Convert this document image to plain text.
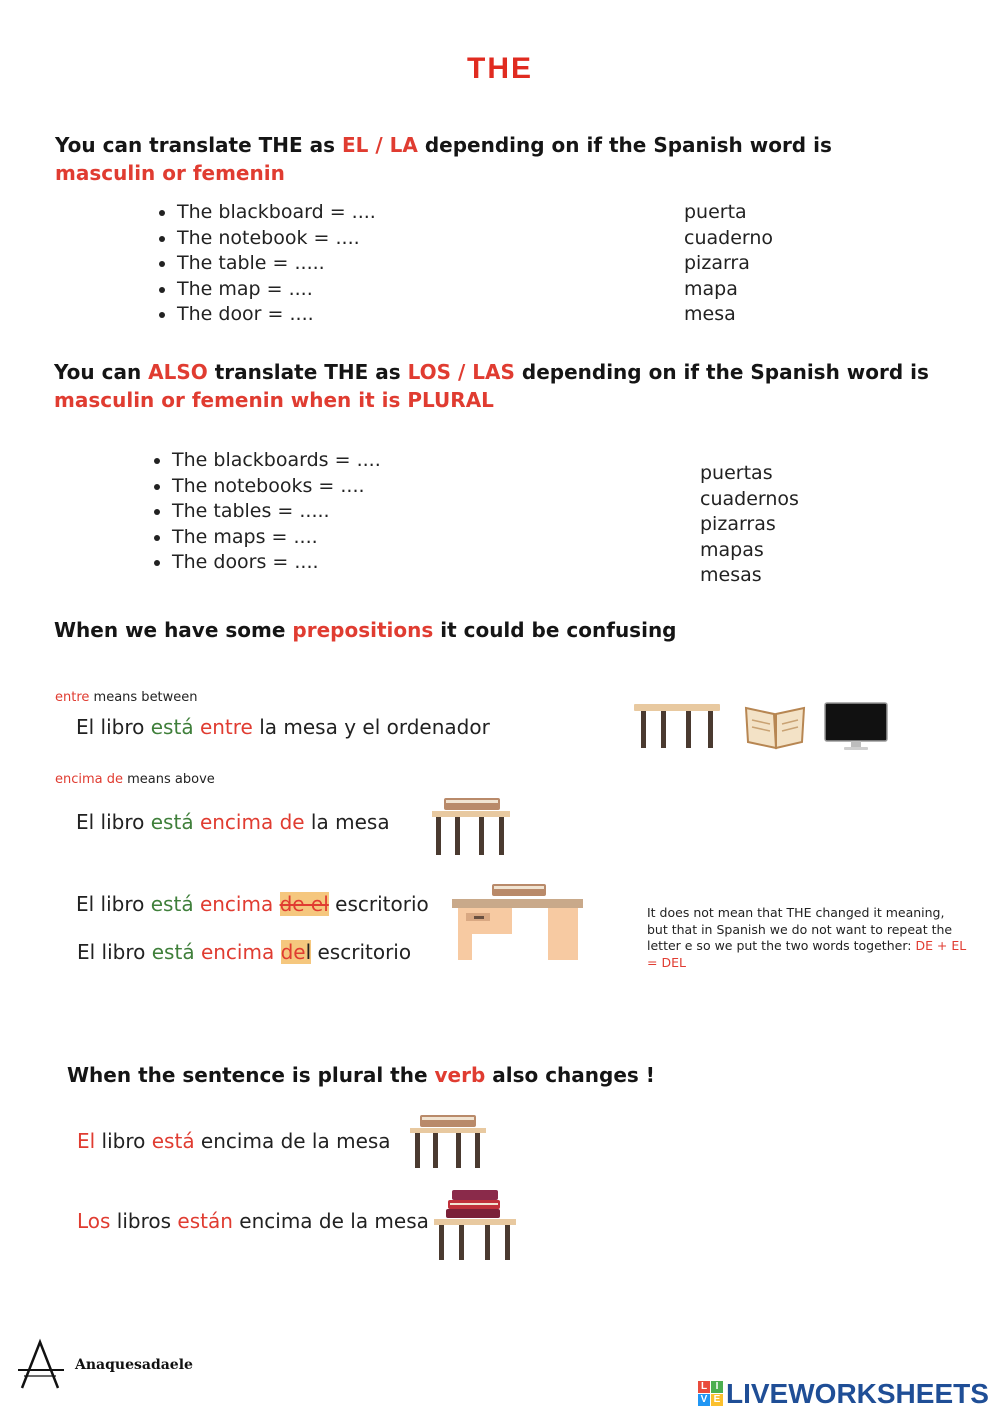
THE
You can translate THE as EL / LA depending on if the Spanish word is masculin or femenin
• The blackboard = ....
• The notebook = ....
• The table = .....
• The map = ....
• The door = ....
puerta
cuaderno
pizarra
mapa
mesa
You can ALSO translate THE as LOS / LAS depending on if the Spanish word is masculin or femenin when it is PLURAL
• The blackboards = ....
• The notebooks = ....
• The tables = .....
• The maps = ....
• The doors = ....
puertas
cuadernos
pizarras
mapas
mesas
When we have some prepositions it could be confusing
entre means between
El libro está entre la mesa y el ordenador
encima de means above
El libro está encima de la mesa
El libro está encima de el escritorio
El libro está encima del escritorio
It does not mean that THE changed it meaning, but that in Spanish we do not want to repeat the letter e so we put the two words together: DE + EL = DEL
When the sentence is plural the verb also changes !
El libro está encima de la mesa
Los libros están encima de la mesa
Anaquesadaele
L I
V E LIVEWORKSHEETS
